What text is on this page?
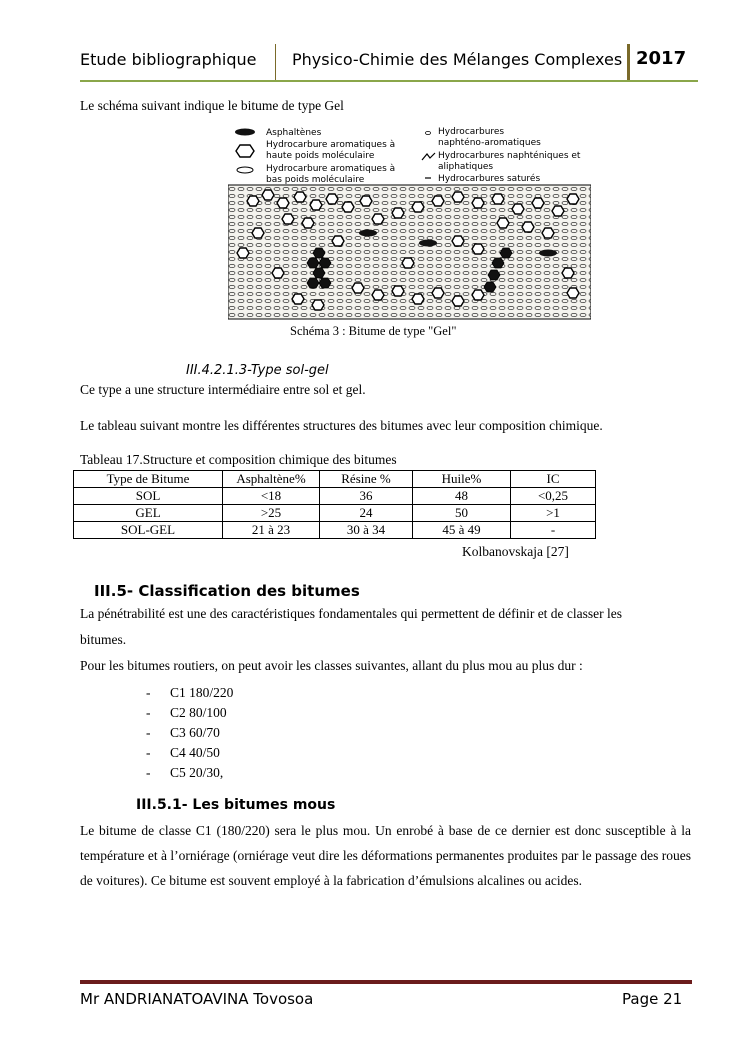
Etude bibliographique Physico-Chimie des Mélanges Complexes 2017
Le schéma suivant indique le bitume de type Gel
Asphaltènes
Hydrocarbure aromatiques à
haute poids moléculaire
Hydrocarbure aromatiques à
bas poids moléculaire
Hydrocarbures
naphténo-aromatiques
Hydrocarbures naphténiques et
aliphatiques
Hydrocarbures saturés
Schéma 3 : Bitume de type "Gel"
III.4.2.1.3-Type sol-gel
Ce type a une structure intermédiaire entre sol et gel.
Le tableau suivant montre les différentes structures des bitumes avec leur composition chimique.
Tableau 17.Structure et composition chimique des bitumes
Type de Bitume	Asphaltène%	Résine %	Huile%	IC
SOL	<18	36	48	<0,25
GEL	>25	24	50	>1
SOL-GEL	21 à 23	30 à 34	45 à 49	-
Kolbanovskaja [27]
III.5- Classification des bitumes
La pénétrabilité est une des caractéristiques fondamentales qui permettent de définir et de classer les
bitumes.
Pour les bitumes routiers, on peut avoir les classes suivantes, allant du plus mou au plus dur :
- C1 180/220
- C2 80/100
- C3 60/70
- C4 40/50
- C5 20/30,
III.5.1- Les bitumes mous
Le bitume de classe C1 (180/220) sera le plus mou. Un enrobé à base de ce dernier est donc susceptible à la température et à l’orniérage (orniérage veut dire les déformations permanentes produites par le passage des roues de voitures). Ce bitume est souvent employé à la fabrication d’émulsions alcalines ou acides.
Mr ANDRIANATOAVINA Tovosoa	Page 21
